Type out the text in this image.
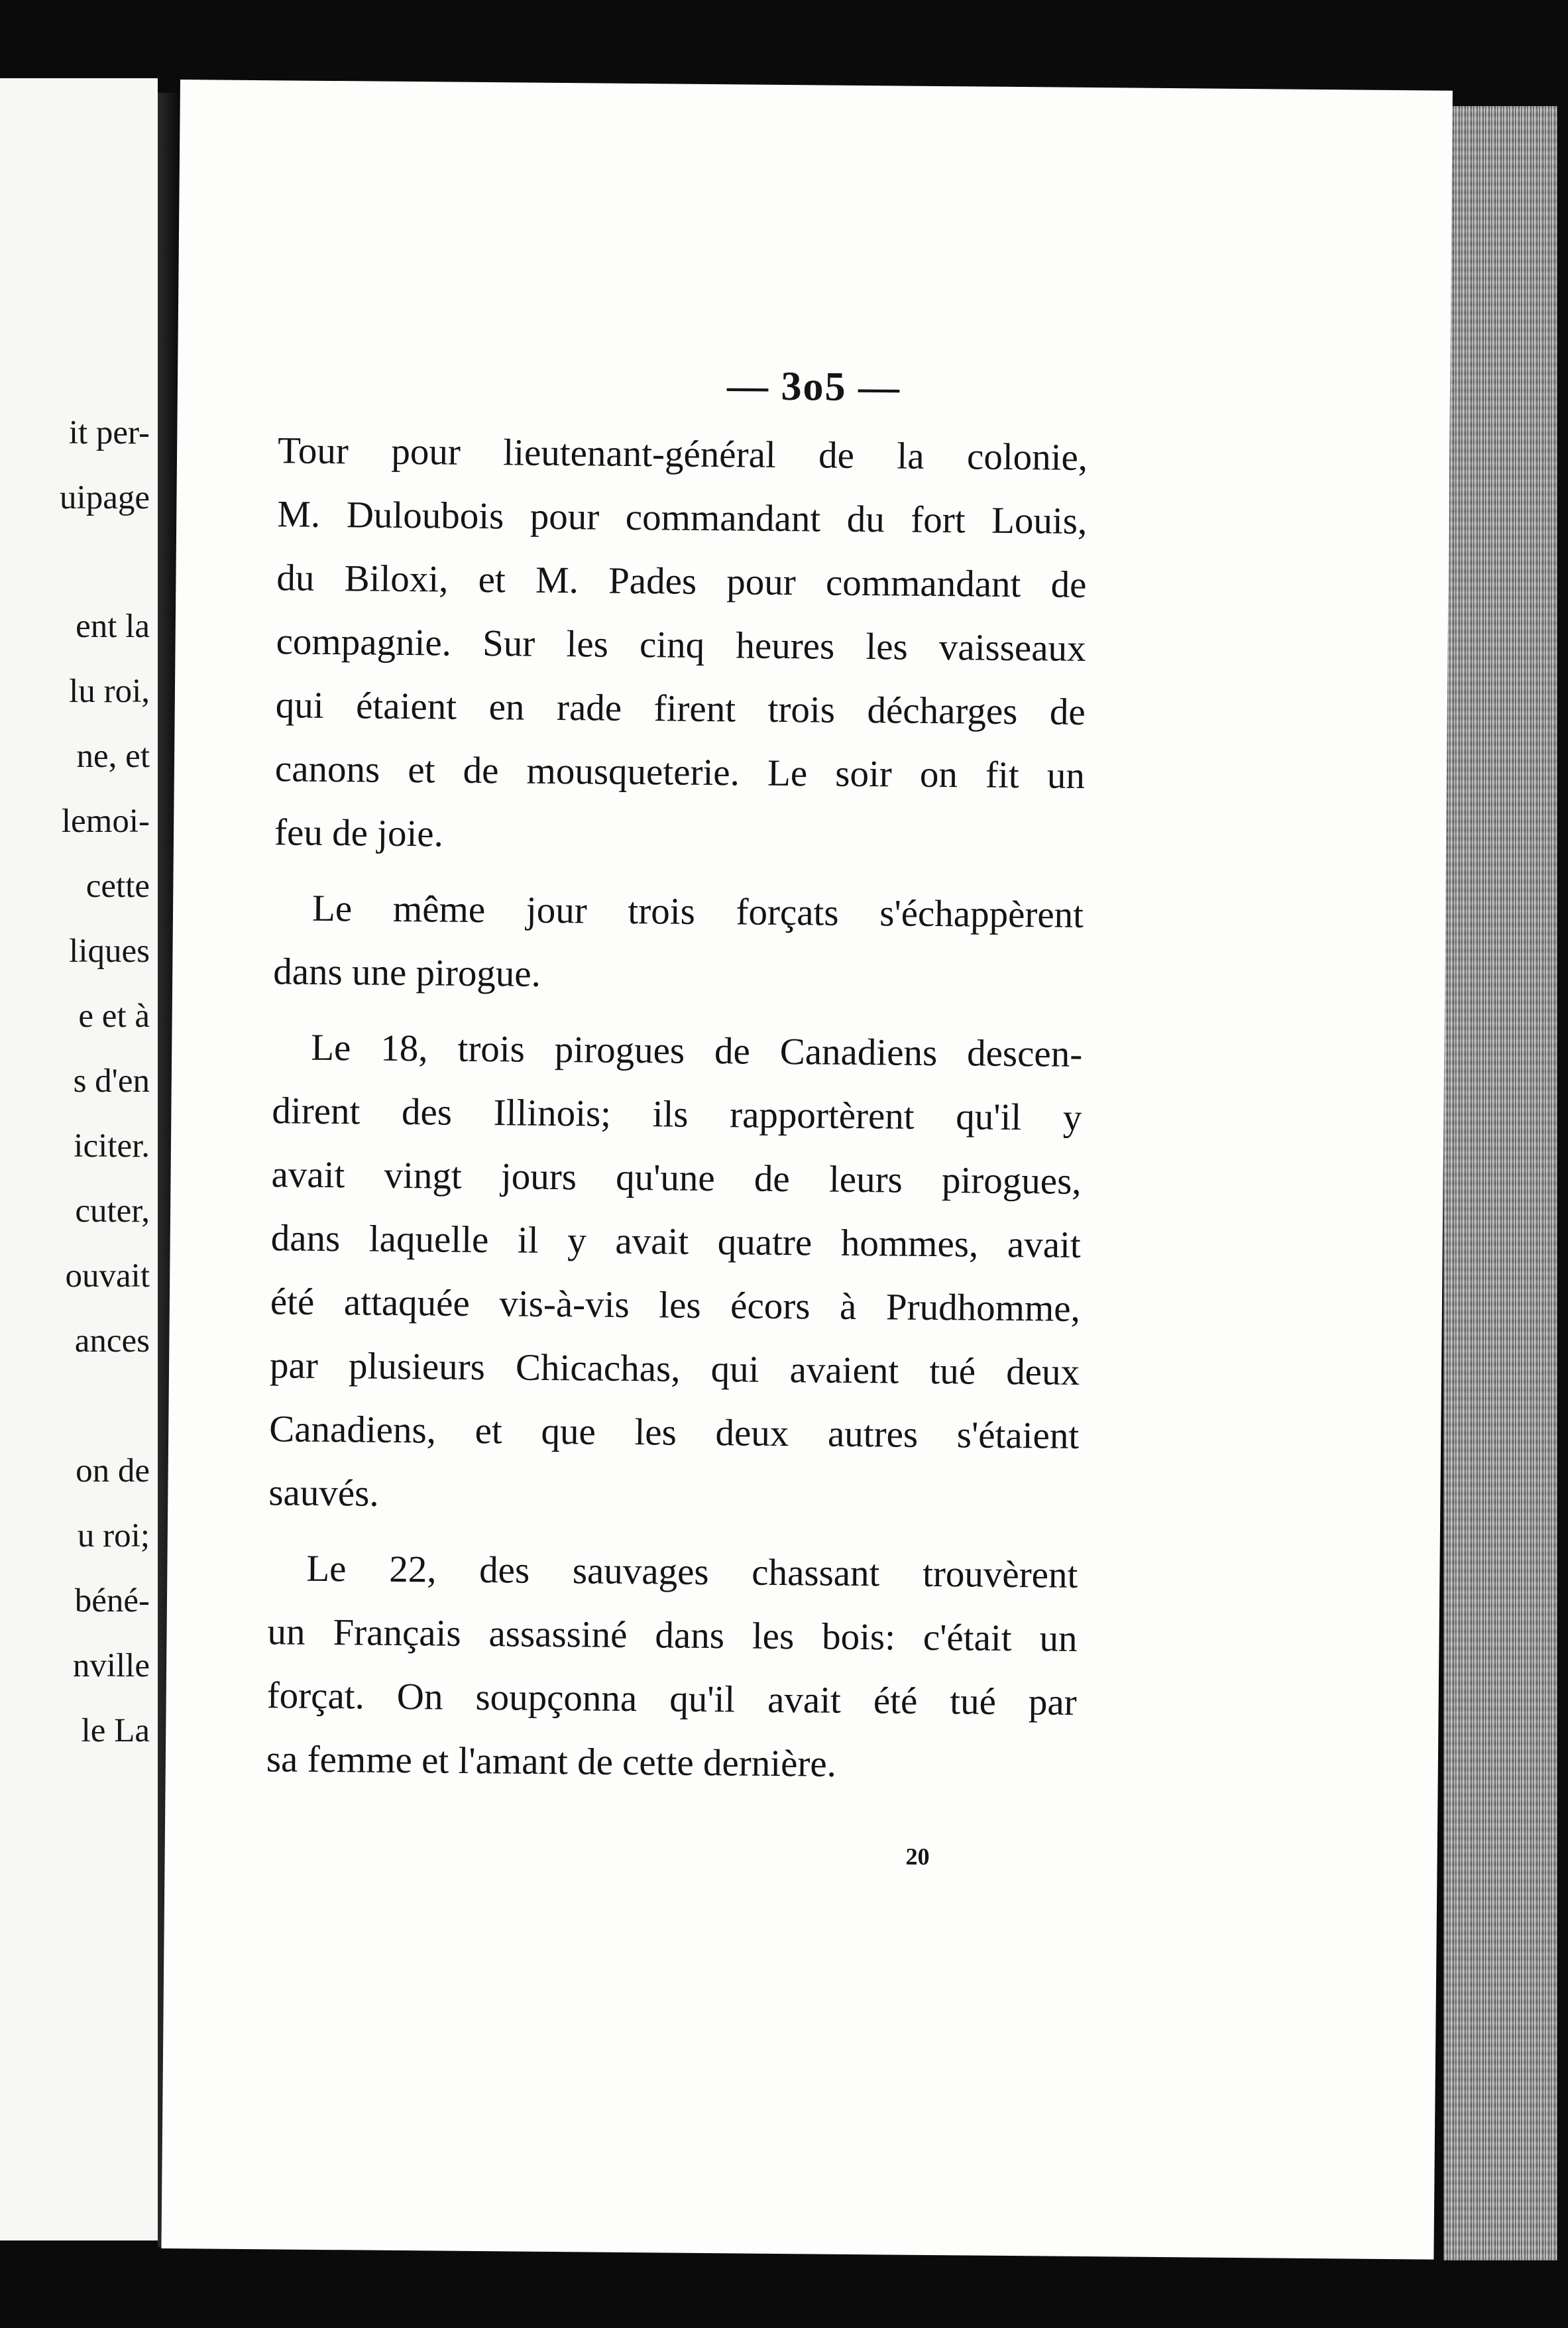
it per-
uipage
ent la
lu roi,
ne, et
lemoi-
cette
liques
e et à
s d'en
iciter.
cuter,
ouvait
ances
on de
u roi;
béné-
nville
le La
— 3o5 —
Tour pour lieutenant-général de la colonie,
M. Duloubois pour commandant du fort Louis,
du Biloxi, et M. Pades pour commandant de
compagnie. Sur les cinq heures les vaisseaux
qui étaient en rade firent trois décharges de
canons et de mousqueterie. Le soir on fit un
feu de joie.
Le même jour trois forçats s'échappèrent
dans une pirogue.
Le 18, trois pirogues de Canadiens descen-
dirent des Illinois; ils rapportèrent qu'il y
avait vingt jours qu'une de leurs pirogues,
dans laquelle il y avait quatre hommes, avait
été attaquée vis-à-vis les écors à Prudhomme,
par plusieurs Chicachas, qui avaient tué deux
Canadiens, et que les deux autres s'étaient
sauvés.
Le 22, des sauvages chassant trouvèrent
un Français assassiné dans les bois: c'était un
forçat. On soupçonna qu'il avait été tué par
sa femme et l'amant de cette dernière.
20
